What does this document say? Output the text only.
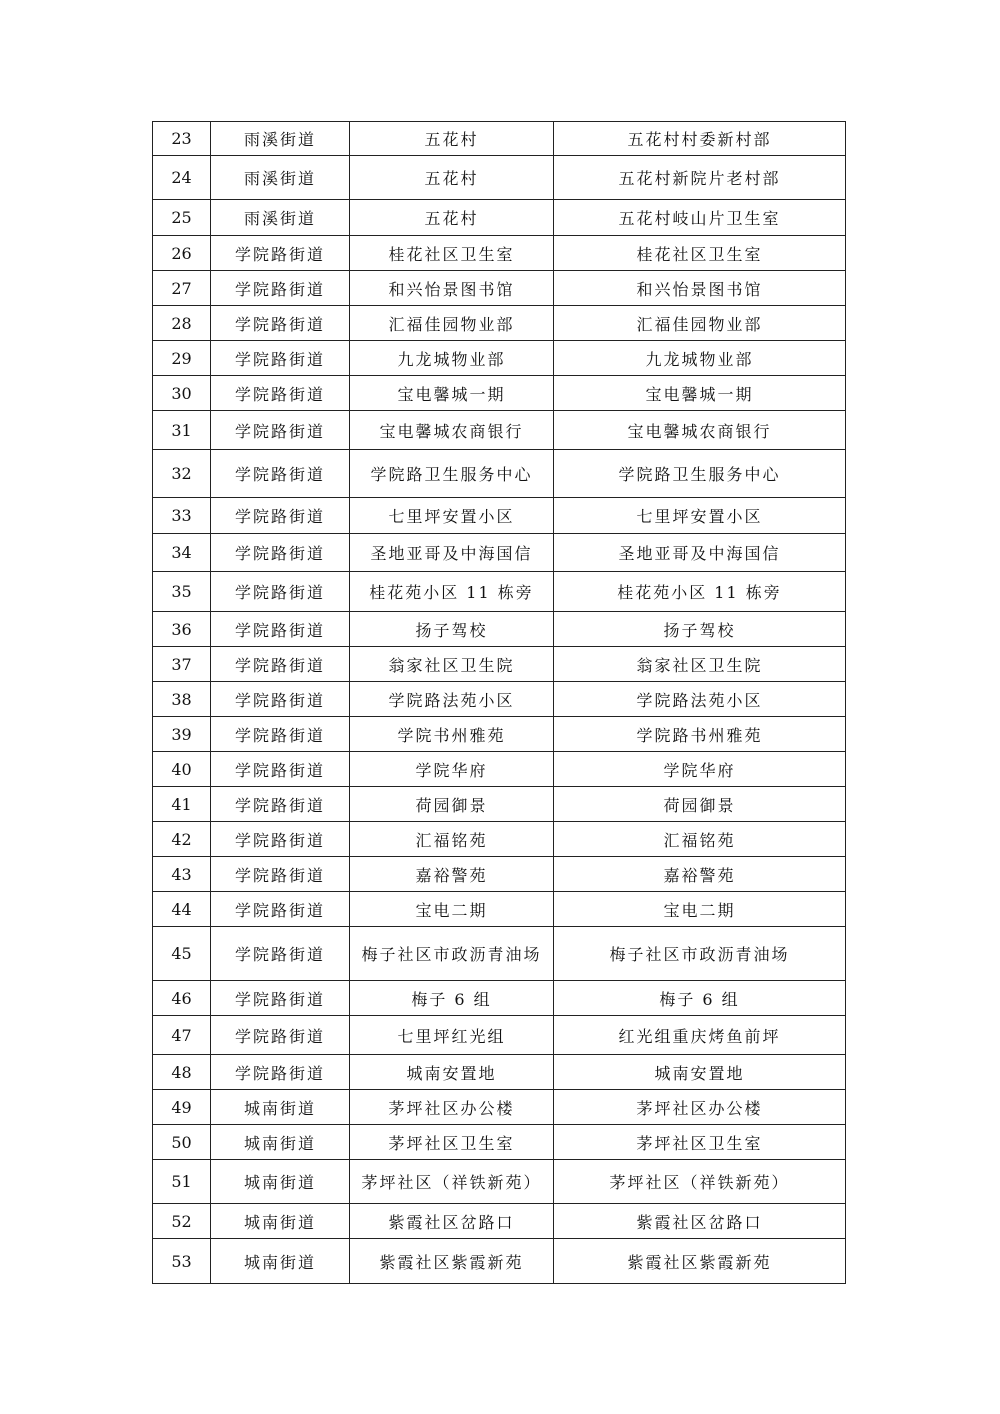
23	雨溪街道	五花村	五花村村委新村部
24	雨溪街道	五花村	五花村新院片老村部
25	雨溪街道	五花村	五花村岐山片卫生室
26	学院路街道	桂花社区卫生室	桂花社区卫生室
27	学院路街道	和兴怡景图书馆	和兴怡景图书馆
28	学院路街道	汇福佳园物业部	汇福佳园物业部
29	学院路街道	九龙城物业部	九龙城物业部
30	学院路街道	宝电馨城一期	宝电馨城一期
31	学院路街道	宝电馨城农商银行	宝电馨城农商银行
32	学院路街道	学院路卫生服务中心	学院路卫生服务中心
33	学院路街道	七里坪安置小区	七里坪安置小区
34	学院路街道	圣地亚哥及中海国信	圣地亚哥及中海国信
35	学院路街道	桂花苑小区 11 栋旁	桂花苑小区 11 栋旁
36	学院路街道	扬子驾校	扬子驾校
37	学院路街道	翁家社区卫生院	翁家社区卫生院
38	学院路街道	学院路法苑小区	学院路法苑小区
39	学院路街道	学院书州雅苑	学院路书州雅苑
40	学院路街道	学院华府	学院华府
41	学院路街道	荷园御景	荷园御景
42	学院路街道	汇福铭苑	汇福铭苑
43	学院路街道	嘉裕警苑	嘉裕警苑
44	学院路街道	宝电二期	宝电二期
45	学院路街道	梅子社区市政沥青油场	梅子社区市政沥青油场
46	学院路街道	梅子 6 组	梅子 6 组
47	学院路街道	七里坪红光组	红光组重庆烤鱼前坪
48	学院路街道	城南安置地	城南安置地
49	城南街道	茅坪社区办公楼	茅坪社区办公楼
50	城南街道	茅坪社区卫生室	茅坪社区卫生室
51	城南街道	茅坪社区（祥铁新苑）	茅坪社区（祥铁新苑）
52	城南街道	紫霞社区岔路口	紫霞社区岔路口
53	城南街道	紫霞社区紫霞新苑	紫霞社区紫霞新苑
